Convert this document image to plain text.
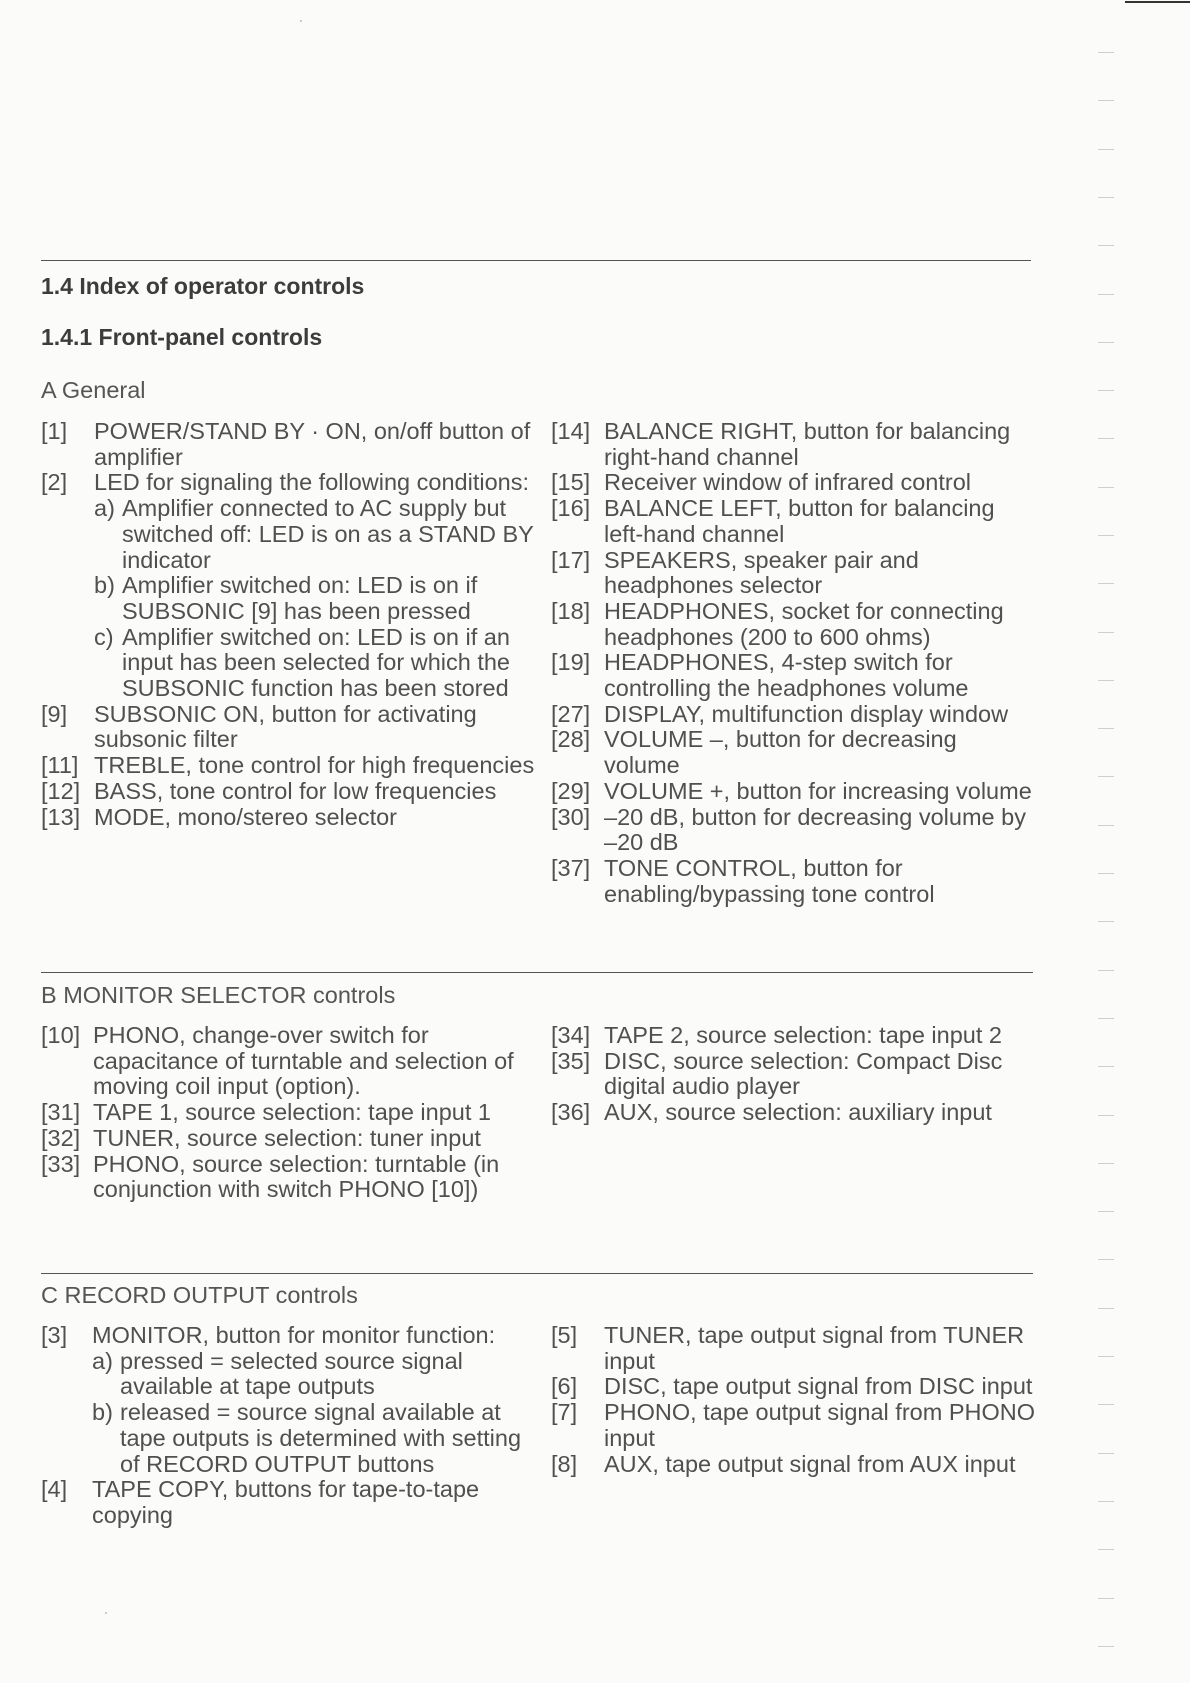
1.4 Index of operator controls
1.4.1 Front-panel controls
A General
[1]	POWER/STAND BY · ON, on/off button of amplifier
[2]	LED for signaling the following conditions:
a) Amplifier connected to AC supply but switched off: LED is on as a STAND BY indicator
b) Amplifier switched on: LED is on if SUBSONIC [9] has been pressed
c) Amplifier switched on: LED is on if an input has been selected for which the SUBSONIC function has been stored
[9]	SUBSONIC ON, button for activating subsonic filter
[11] TREBLE, tone control for high frequencies
[12] BASS, tone control for low frequencies
[13] MODE, mono/stereo selector
[14] BALANCE RIGHT, button for balancing right-hand channel
[15] Receiver window of infrared control
[16] BALANCE LEFT, button for balancing left-hand channel
[17] SPEAKERS, speaker pair and headphones selector
[18] HEADPHONES, socket for connecting headphones (200 to 600 ohms)
[19] HEADPHONES, 4-step switch for controlling the headphones volume
[27] DISPLAY, multifunction display window
[28] VOLUME –, button for decreasing volume
[29] VOLUME +, button for increasing volume
[30] –20 dB, button for decreasing volume by –20 dB
[37] TONE CONTROL, button for enabling/bypassing tone control
B MONITOR SELECTOR controls
[10] PHONO, change-over switch for capacitance of turntable and selection of moving coil input (option).
[31] TAPE 1, source selection: tape input 1
[32] TUNER, source selection: tuner input
[33] PHONO, source selection: turntable (in conjunction with switch PHONO [10])
[34] TAPE 2, source selection: tape input 2
[35] DISC, source selection: Compact Disc digital audio player
[36] AUX, source selection: auxiliary input
C RECORD OUTPUT controls
[3]	MONITOR, button for monitor function:
a) pressed = selected source signal available at tape outputs
b) released = source signal available at tape outputs is determined with setting of RECORD OUTPUT buttons
[4]	TAPE COPY, buttons for tape-to-tape copying
[5]	TUNER, tape output signal from TUNER input
[6]	DISC, tape output signal from DISC input
[7]	PHONO, tape output signal from PHONO input
[8]	AUX, tape output signal from AUX input
